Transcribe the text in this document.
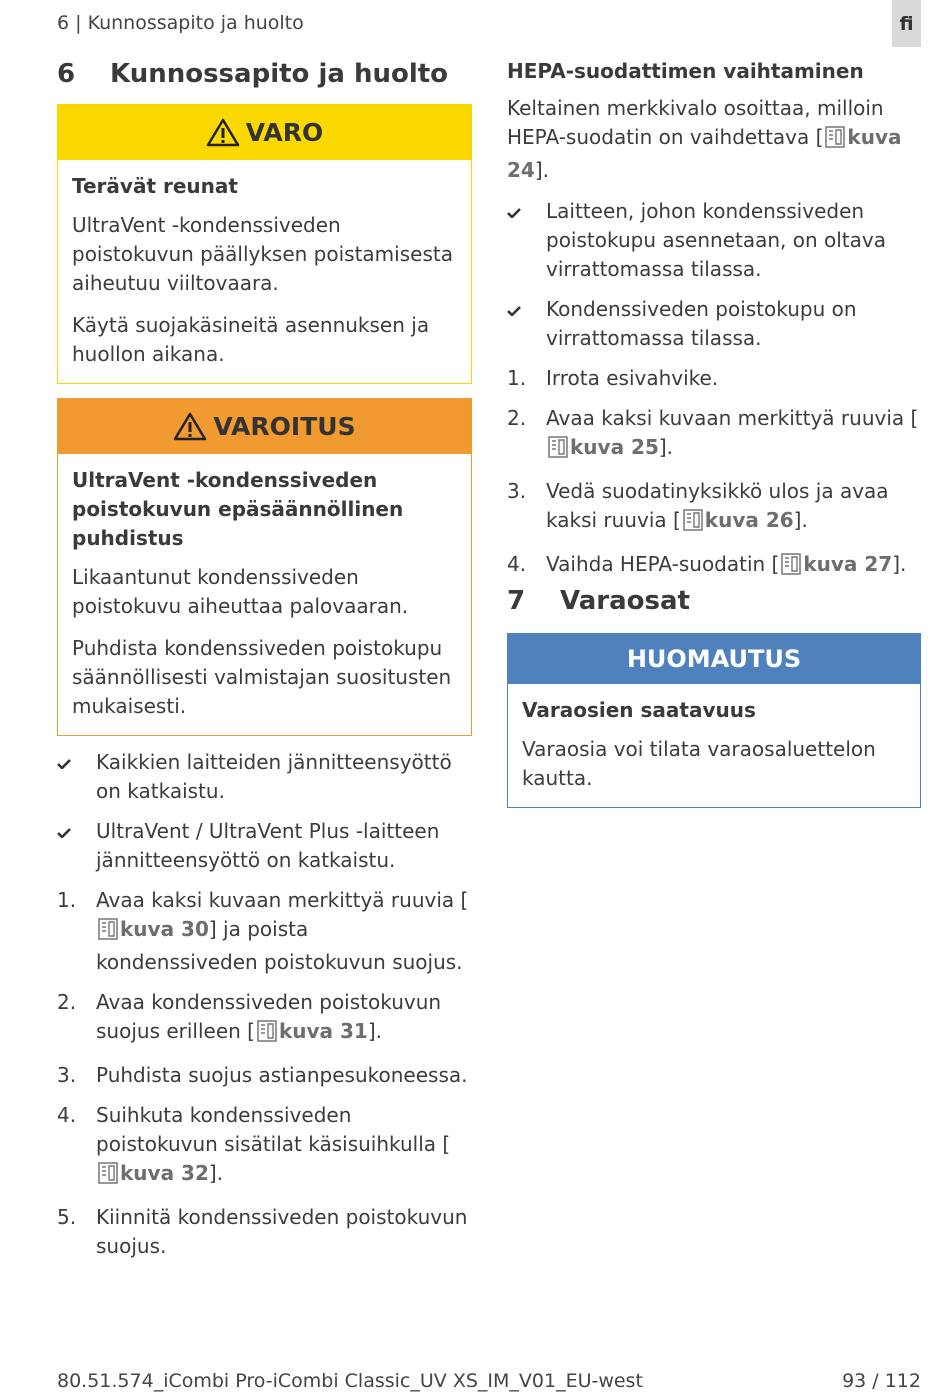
6 | Kunnossapito ja huolto	fi
6	Kunnossapito ja huolto
VARO
Terävät reunat
UltraVent -kondenssiveden poistokuvun päällyksen poistamisesta aiheutuu viiltovaara.
Käytä suojakäsineitä asennuksen ja huollon aikana.
VAROITUS
UltraVent -kondenssiveden poistokuvun epäsäännöllinen puhdistus
Likaantunut kondenssiveden poistokuvu aiheuttaa palovaaran.
Puhdista kondenssiveden poistokupu säännöllisesti valmistajan suositusten mukaisesti.
Kaikkien laitteiden jännitteensyöttö on katkaistu.
UltraVent / UltraVent Plus -laitteen jännitteensyöttö on katkaistu.
1. Avaa kaksi kuvaan merkittyä ruuvia [kuva 30] ja poista kondenssiveden poistokuvun suojus.
2. Avaa kondenssiveden poistokuvun suojus erilleen [ kuva 31].
3. Puhdista suojus astianpesukoneessa.
4. Suihkuta kondenssiveden poistokuvun sisätilat käsisuihkulla [kuva 32].
5. Kiinnitä kondenssiveden poistokuvun suojus.
HEPA-suodattimen vaihtaminen
Keltainen merkkivalo osoittaa, milloin HEPA-suodatin on vaihdettava [ kuva 24].
Laitteen, johon kondenssiveden poistokupu asennetaan, on oltava virrattomassa tilassa.
Kondenssiveden poistokupu on virrattomassa tilassa.
1. Irrota esivahvike.
2. Avaa kaksi kuvaan merkittyä ruuvia [kuva 25].
3. Vedä suodatinyksikkö ulos ja avaa kaksi ruuvia [ kuva 26].
4. Vaihda HEPA-suodatin [ kuva 27].
7	Varaosat
HUOMAUTUS
Varaosien saatavuus
Varaosia voi tilata varaosaluettelon kautta.
80.51.574_iCombi Pro-iCombi Classic_UV XS_IM_V01_EU-west	93 / 112
